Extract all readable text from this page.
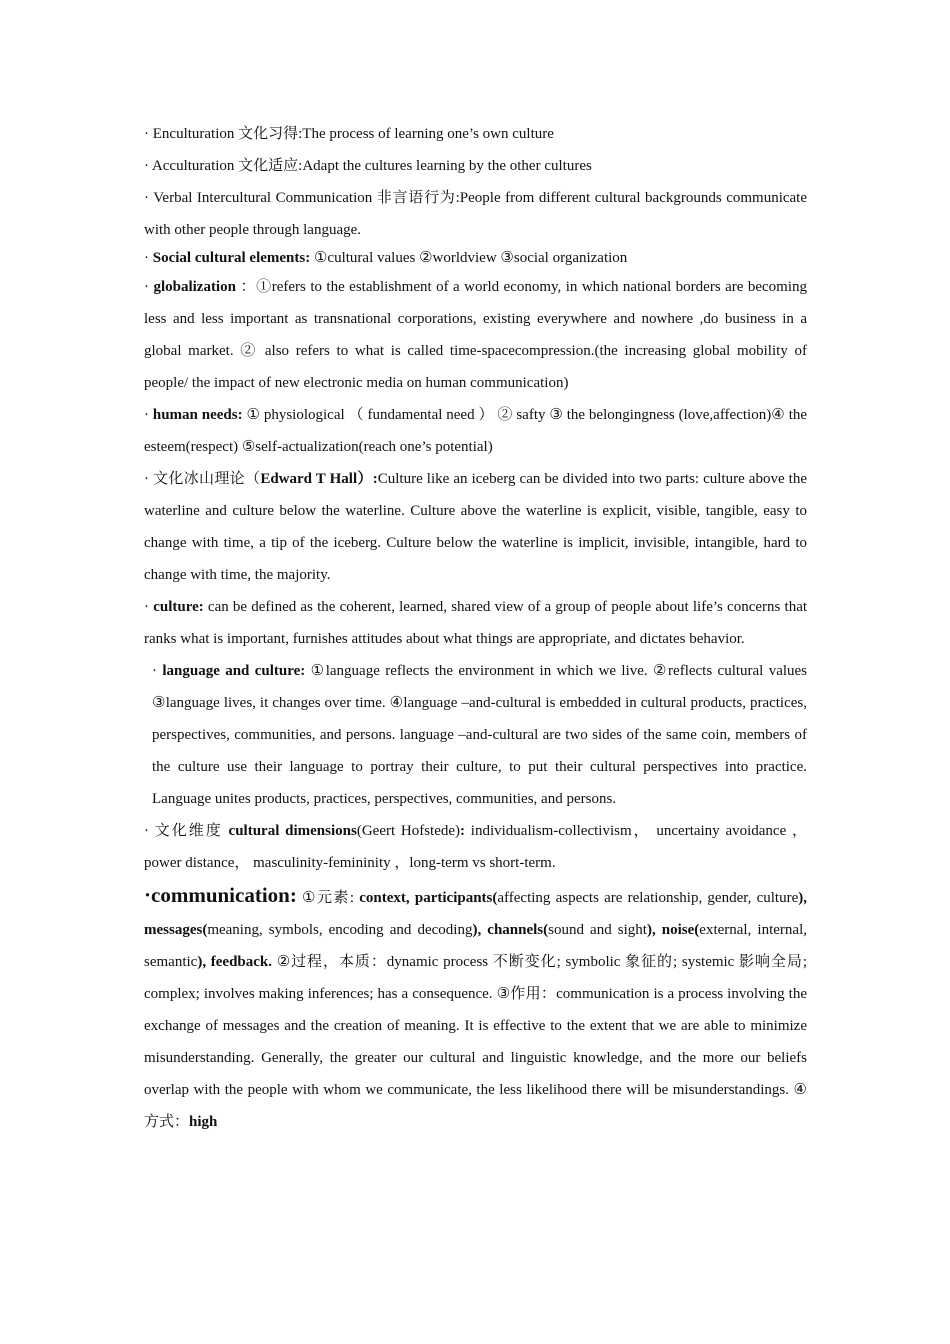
· Enculturation 文化习得:The process of learning one’s own culture

· Acculturation 文化适应:Adapt the cultures learning by the other cultures

· Verbal Intercultural Communication 非言语行为:People from different cultural backgrounds communicate with other people through language.

· Social cultural elements: ①cultural values ②worldview ③social organization

· globalization ：①refers to the establishment of a world economy, in which national borders are becoming less and less important as transnational corporations, existing everywhere and nowhere ,do business in a global market. ② also refers to what is called time-spacecompression.(the increasing global mobility of people/ the impact of new electronic media on human communication)

· human needs: ① physiological （ fundamental need ） ② safty ③ the belongingness (love,affection)④ the esteem(respect) ⑤self-actualization(reach one’s potential)

· 文化冰山理论（Edward T Hall）:Culture like an iceberg can be divided into two parts: culture above the waterline and culture below the waterline. Culture above the waterline is explicit, visible, tangible, easy to change with time, a tip of the iceberg. Culture below the waterline is implicit, invisible, intangible, hard to change with time, the majority.

· culture: can be defined as the coherent, learned, shared view of a group of people about life’s concerns that ranks what is important, furnishes attitudes about what things are appropriate, and dictates behavior.

· language and culture: ①language reflects the environment in which we live. ②reflects cultural values ③language lives, it changes over time. ④language –and-cultural is embedded in cultural products, practices, perspectives, communities, and persons. language –and-cultural are two sides of the same coin, members of the culture use their language to portray their culture, to put their cultural perspectives into practice. Language unites products, practices, perspectives, communities, and persons.

· 文化维度 cultural dimensions(Geert Hofstede): individualism-collectivism， uncertainy avoidance ， power distance， masculinity-femininity ，long-term vs short-term.

·communication: ①元素: context, participants(affecting aspects are relationship, gender, culture), messages(meaning, symbols, encoding and decoding), channels(sound and sight), noise(external, internal, semantic), feedback. ②过程，本质：dynamic process 不断变化; symbolic 象征的; systemic 影响全局; complex; involves making inferences; has a consequence. ③作用：communication is a process involving the exchange of messages and the creation of meaning. It is effective to the extent that we are able to minimize misunderstanding. Generally, the greater our cultural and linguistic knowledge, and the more our beliefs overlap with the people with whom we communicate, the less likelihood there will be misunderstandings. ④方式：high
